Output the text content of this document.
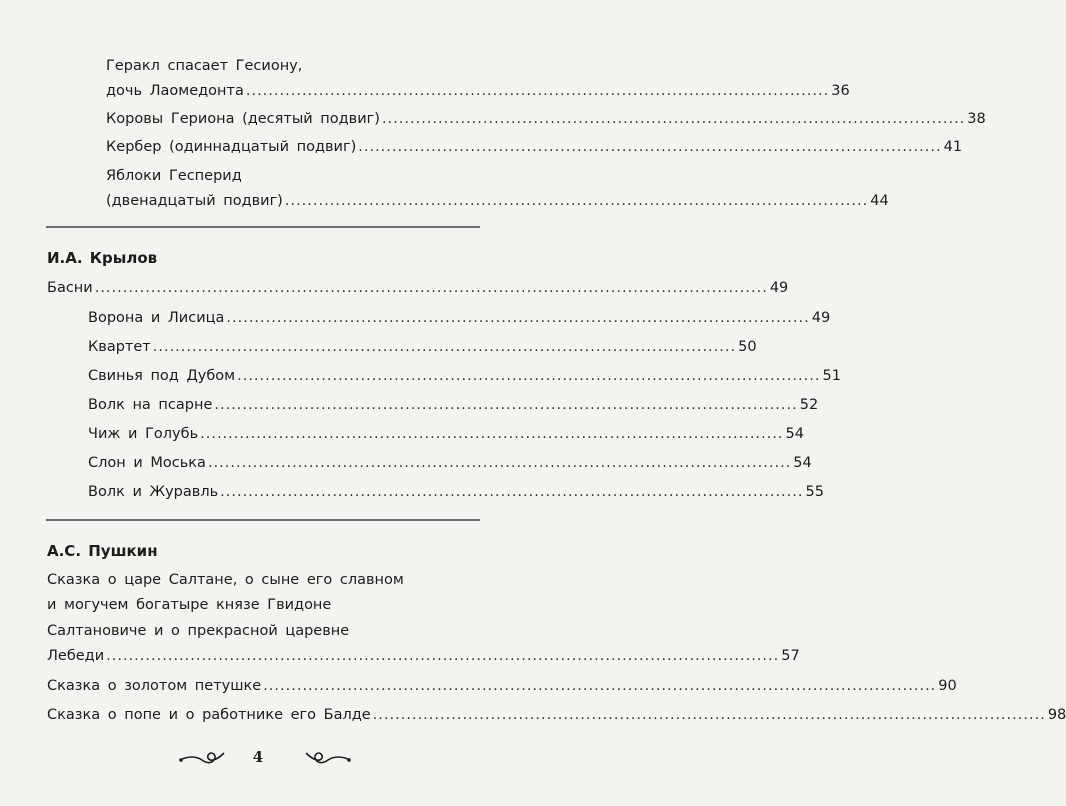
Геракл спасает Гесиону,
дочь Лаомедонта ........................................................................................................ 36
Коровы Гериона (десятый подвиг) ........................................................................................................ 38
Кербер (одиннадцатый подвиг) ........................................................................................................ 41
Яблоки Гесперид
(двенадцатый подвиг) ........................................................................................................ 44
И.А. Крылов
Басни ........................................................................................................................ 49
Ворона и Лисица ........................................................................................................ 49
Квартет ........................................................................................................ 50
Свинья под Дубом ........................................................................................................ 51
Волк на псарне ........................................................................................................ 52
Чиж и Голубь ........................................................................................................ 54
Слон и Моська ........................................................................................................ 54
Волк и Журавль ........................................................................................................ 55
А.С. Пушкин
Сказка о царе Салтане, о сыне его славном
и могучем богатыре князе Гвидоне
Салтановиче и о прекрасной царевне
Лебеди ........................................................................................................................ 57
Сказка о золотом петушке ........................................................................................................................ 90
Сказка о попе и о работнике его Балде ........................................................................................................................ 98
4
